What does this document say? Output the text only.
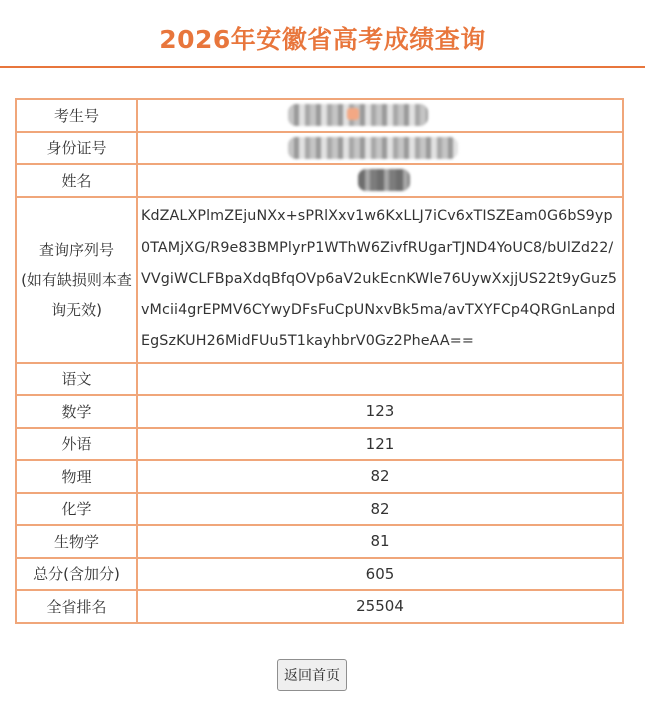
2026年安徽省高考成绩查询
考生号	

身份证号	

姓名	

查询序列号
(如有缺损则本查询无效)	KdZALXPlmZEjuNXx+sPRlXxv1w6KxLLJ7iCv6xTISZEam0G6bS9yp0TAMjXG/R9e83BMPlyrP1WThW6ZivfRUgarTJND4YoUC8/bUlZd22/VVgiWCLFBpaXdqBfqOVp6aV2ukEcnKWle76UywXxjjUS22t9yGuz5vMcii4grEPMV6CYwyDFsFuCpUNxvBk5ma/avTXYFCp4QRGnLanpdEgSzKUH26MidFUu5T1kayhbrV0Gz2PheAA==
语文	
数学	123
外语	121
物理	82
化学	82
生物学	81
总分(含加分)	605
全省排名	25504
返回首页
